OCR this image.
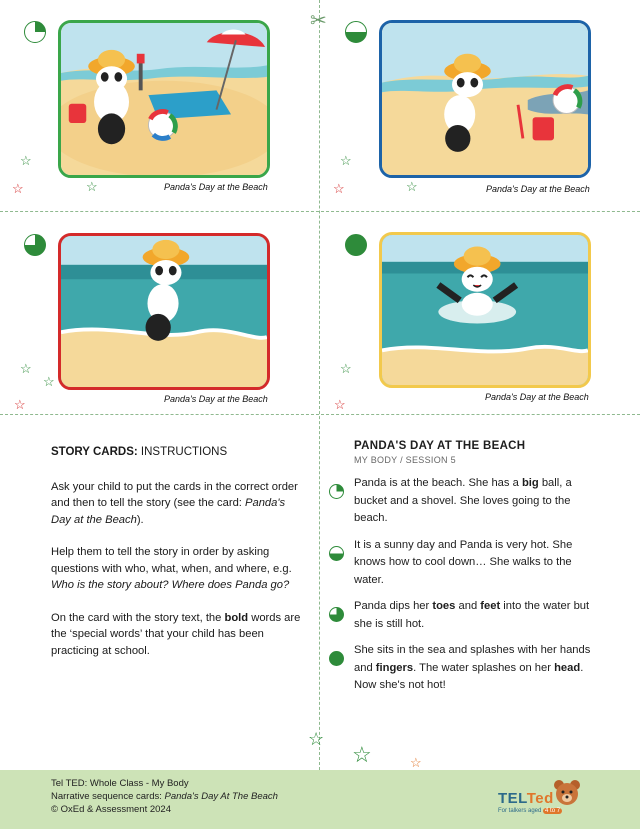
✂
Panda's Day at the Beach	Panda's Day at the Beach
Panda's Day at the Beach	Panda's Day at the Beach
☆
☆	☆
☆
☆	☆
☆
☆
☆
☆
☆
☆
☆	☆
STORY CARDS: INSTRUCTIONS

Ask your child to put the cards in the correct order and then to tell the story (see the card: Panda's Day at the Beach).

Help them to tell the story in order by asking questions with who, what, when, and where, e.g. Who is the story about? Where does Panda go?

On the card with the story text, the bold words are the ‘special words’ that your child has been practicing at school.

PANDA'S DAY AT THE BEACH
MY BODY / SESSION 5
Panda is at the beach. She has a big ball, a bucket and a shovel. She loves going to the beach.
It is a sunny day and Panda is very hot. She knows how to cool down… She walks to the water.
Panda dips her toes and feet into the water but she is still hot.
She sits in the sea and splashes with her hands and fingers. The water splashes on her head. Now she's not hot!
Tel TED: Whole Class - My Body
Narrative sequence cards: Panda's Day At The Beach
© OxEd & Assessment 2024
TELTed
For talkers aged 4 to 7
